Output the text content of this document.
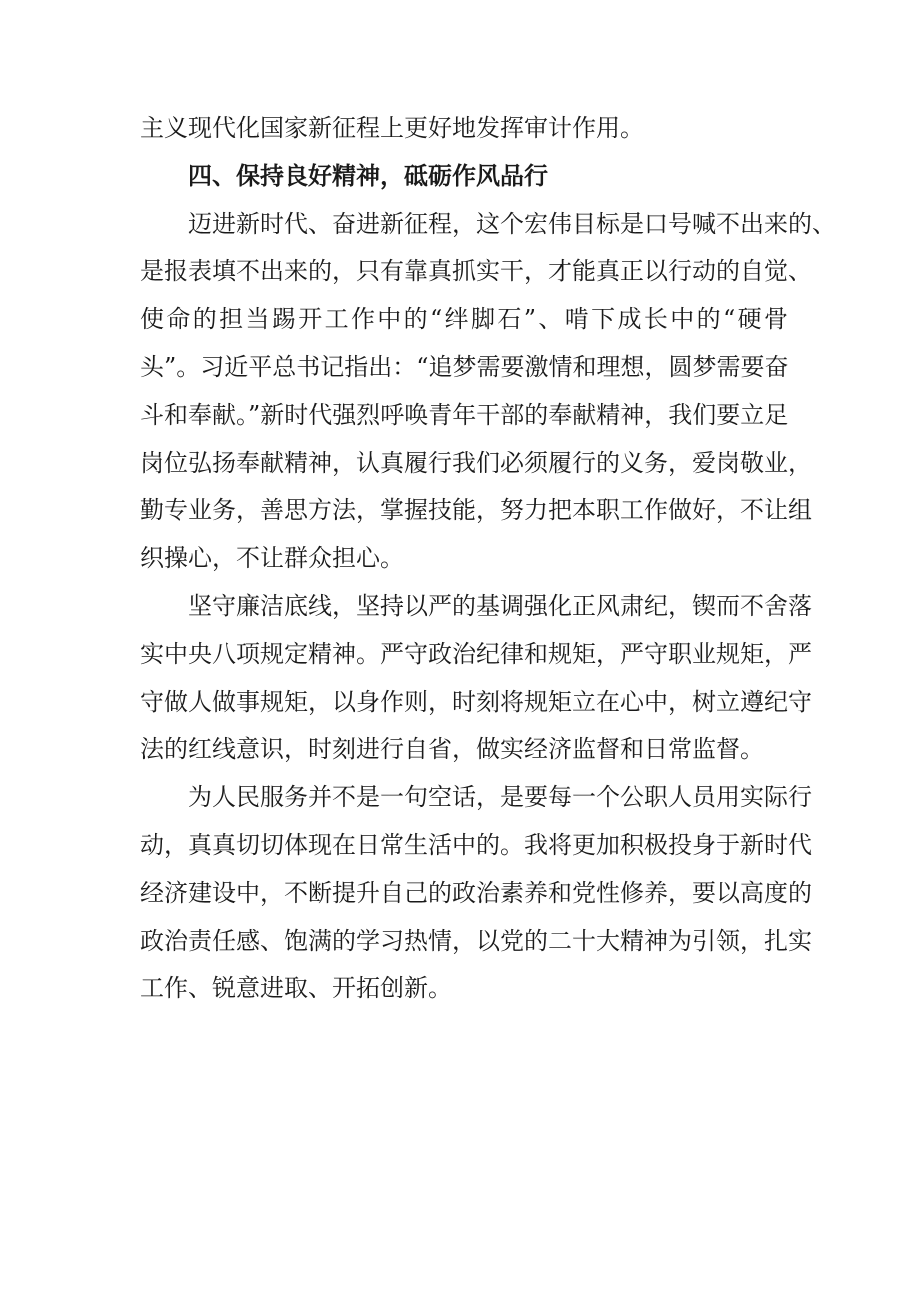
主义现代化国家新征程上更好地发挥审计作用。
四、保持良好精神，砥砺作风品行
迈进新时代、奋进新征程，这个宏伟目标是口号喊不出来的、
是报表填不出来的，只有靠真抓实干，才能真正以行动的自觉、
使命的担当踢开工作中的“绊脚石”、啃下成长中的“硬骨
头”。习近平总书记指出：“追梦需要激情和理想，圆梦需要奋
斗和奉献。”新时代强烈呼唤青年干部的奉献精神，我们要立足
岗位弘扬奉献精神，认真履行我们必须履行的义务，爱岗敬业，
勤专业务，善思方法，掌握技能，努力把本职工作做好，不让组
织操心，不让群众担心。
坚守廉洁底线，坚持以严的基调强化正风肃纪，锲而不舍落
实中央八项规定精神。严守政治纪律和规矩，严守职业规矩，严
守做人做事规矩，以身作则，时刻将规矩立在心中，树立遵纪守
法的红线意识，时刻进行自省，做实经济监督和日常监督。
为人民服务并不是一句空话，是要每一个公职人员用实际行
动，真真切切体现在日常生活中的。我将更加积极投身于新时代
经济建设中，不断提升自己的政治素养和党性修养，要以高度的
政治责任感、饱满的学习热情，以党的二十大精神为引领，扎实
工作、锐意进取、开拓创新。
